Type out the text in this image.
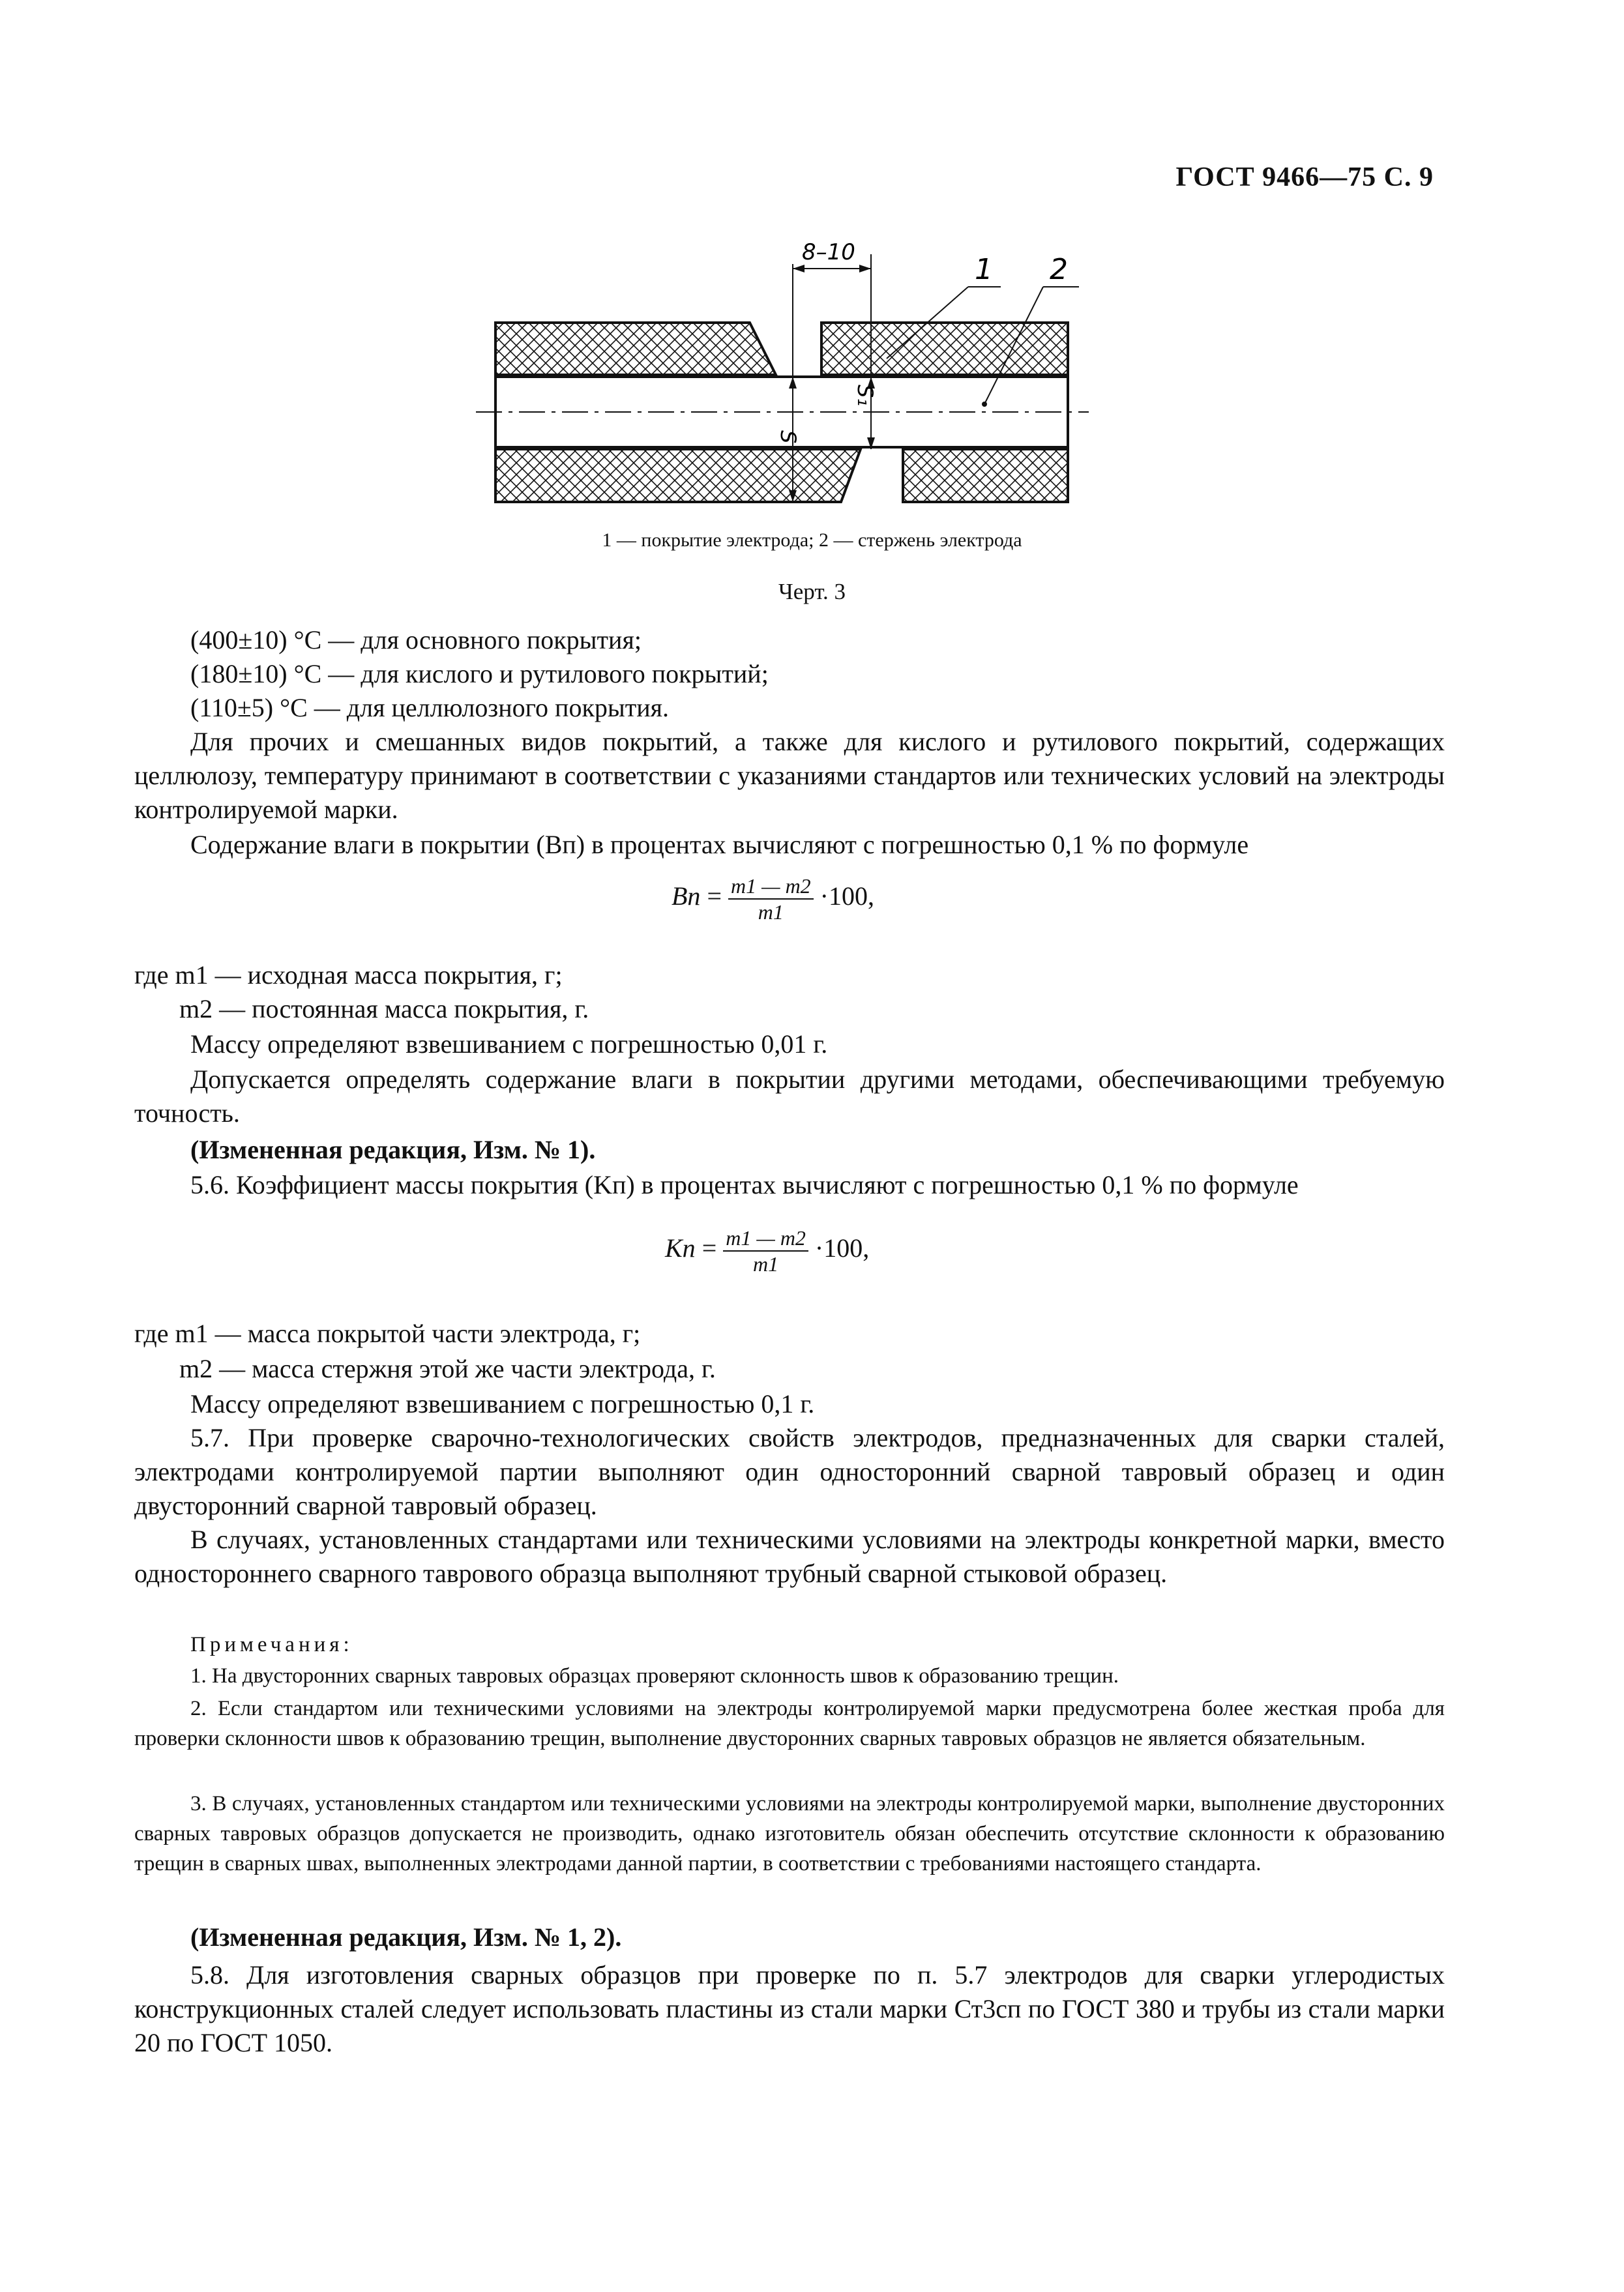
ГОСТ 9466—75 С. 9
8–10
S
S₁
1 2
1 — покрытие электрода; 2 — стержень электрода
Черт. 3
(400±10) °С — для основного покрытия;
(180±10) °С — для кислого и рутилового покрытий;
(110±5) °С — для целлюлозного покрытия.
Для прочих и смешанных видов покрытий, а также для кислого и рутилового покрытий, содержащих целлюлозу, температуру принимают в соответствии с указаниями стандартов или технических условий на электроды контролируемой марки.
Содержание влаги в покрытии (Bп) в процентах вычисляют с погрешностью 0,1 % по формуле
Bп = $\frac{m1 — m2}{m1} \cdot 100$,
где m1 — исходная масса покрытия, г;
m2 — постоянная масса покрытия, г.
Массу определяют взвешиванием с погрешностью 0,01 г.
Допускается определять содержание влаги в покрытии другими методами, обеспечивающими требуемую точность.
(Измененная редакция, Изм. № 1).
5.6. Коэффициент массы покрытия (Kп) в процентах вычисляют с погрешностью 0,1 % по формуле
Kп = $\frac{m1 — m2}{m1} \cdot 100$,
где m1 — масса покрытой части электрода, г;
m2 — масса стержня этой же части электрода, г.
Массу определяют взвешиванием с погрешностью 0,1 г.
5.7. При проверке сварочно-технологических свойств электродов, предназначенных для сварки сталей, электродами контролируемой партии выполняют один односторонний сварной тавровый образец и один двусторонний сварной тавровый образец.
В случаях, установленных стандартами или техническими условиями на электроды конкретной марки, вместо одностороннего сварного таврового образца выполняют трубный сварной стыковой образец.
Примечания:
1. На двусторонних сварных тавровых образцах проверяют склонность швов к образованию трещин.
2. Если стандартом или техническими условиями на электроды контролируемой марки предусмотрена более жесткая проба для проверки склонности швов к образованию трещин, выполнение двусторонних сварных тавровых образцов не является обязательным.
3. В случаях, установленных стандартом или техническими условиями на электроды контролируемой марки, выполнение двусторонних сварных тавровых образцов допускается не производить, однако изготовитель обязан обеспечить отсутствие склонности к образованию трещин в сварных швах, выполненных электродами данной партии, в соответствии с требованиями настоящего стандарта.
(Измененная редакция, Изм. № 1, 2).
5.8. Для изготовления сварных образцов при проверке по п. 5.7 электродов для сварки углеродистых конструкционных сталей следует использовать пластины из стали марки Ст3сп по ГОСТ 380 и трубы из стали марки 20 по ГОСТ 1050.
